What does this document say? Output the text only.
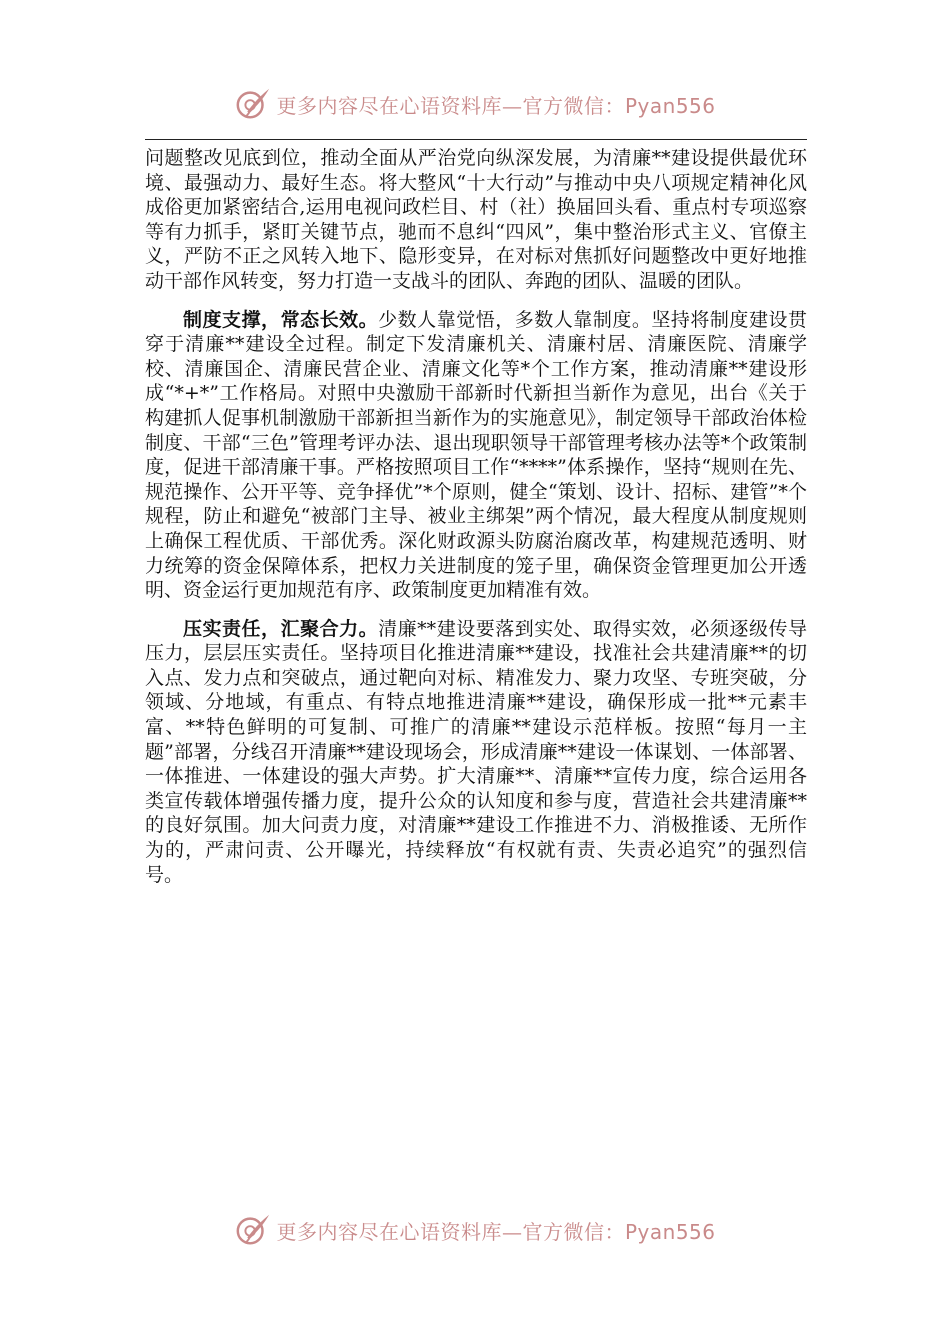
更多内容尽在心语资料库—官方微信：Pyan556

问题整改见底到位，推动全面从严治党向纵深发展，为清廉**建设提供最优环境、最强动力、最好生态。将大整风“十大行动”与推动中央八项规定精神化风成俗更加紧密结合,运用电视问政栏目、村（社）换届回头看、重点村专项巡察等有力抓手，紧盯关键节点，驰而不息纠“四风”，集中整治形式主义、官僚主义，严防不正之风转入地下、隐形变异，在对标对焦抓好问题整改中更好地推动干部作风转变，努力打造一支战斗的团队、奔跑的团队、温暖的团队。

制度支撑，常态长效。少数人靠觉悟，多数人靠制度。坚持将制度建设贯穿于清廉**建设全过程。制定下发清廉机关、清廉村居、清廉医院、清廉学校、清廉国企、清廉民营企业、清廉文化等*个工作方案，推动清廉**建设形成“*+*”工作格局。对照中央激励干部新时代新担当新作为意见，出台《关于构建抓人促事机制激励干部新担当新作为的实施意见》，制定领导干部政治体检制度、干部“三色”管理考评办法、退出现职领导干部管理考核办法等*个政策制度，促进干部清廉干事。严格按照项目工作“****”体系操作，坚持“规则在先、规范操作、公开平等、竞争择优”*个原则，健全“策划、设计、招标、建管”*个规程，防止和避免“被部门主导、被业主绑架”两个情况，最大程度从制度规则上确保工程优质、干部优秀。深化财政源头防腐治腐改革，构建规范透明、财力统筹的资金保障体系，把权力关进制度的笼子里，确保资金管理更加公开透明、资金运行更加规范有序、政策制度更加精准有效。

压实责任，汇聚合力。清廉**建设要落到实处、取得实效，必须逐级传导压力，层层压实责任。坚持项目化推进清廉**建设，找准社会共建清廉**的切入点、发力点和突破点，通过靶向对标、精准发力、聚力攻坚、专班突破，分领域、分地域，有重点、有特点地推进清廉**建设，确保形成一批**元素丰富、**特色鲜明的可复制、可推广的清廉**建设示范样板。按照“每月一主题”部署，分线召开清廉**建设现场会，形成清廉**建设一体谋划、一体部署、一体推进、一体建设的强大声势。扩大清廉**、清廉**宣传力度，综合运用各类宣传载体增强传播力度，提升公众的认知度和参与度，营造社会共建清廉**的良好氛围。加大问责力度，对清廉**建设工作推进不力、消极推诿、无所作为的，严肃问责、公开曝光，持续释放“有权就有责、失责必追究”的强烈信号。

更多内容尽在心语资料库—官方微信：Pyan556
